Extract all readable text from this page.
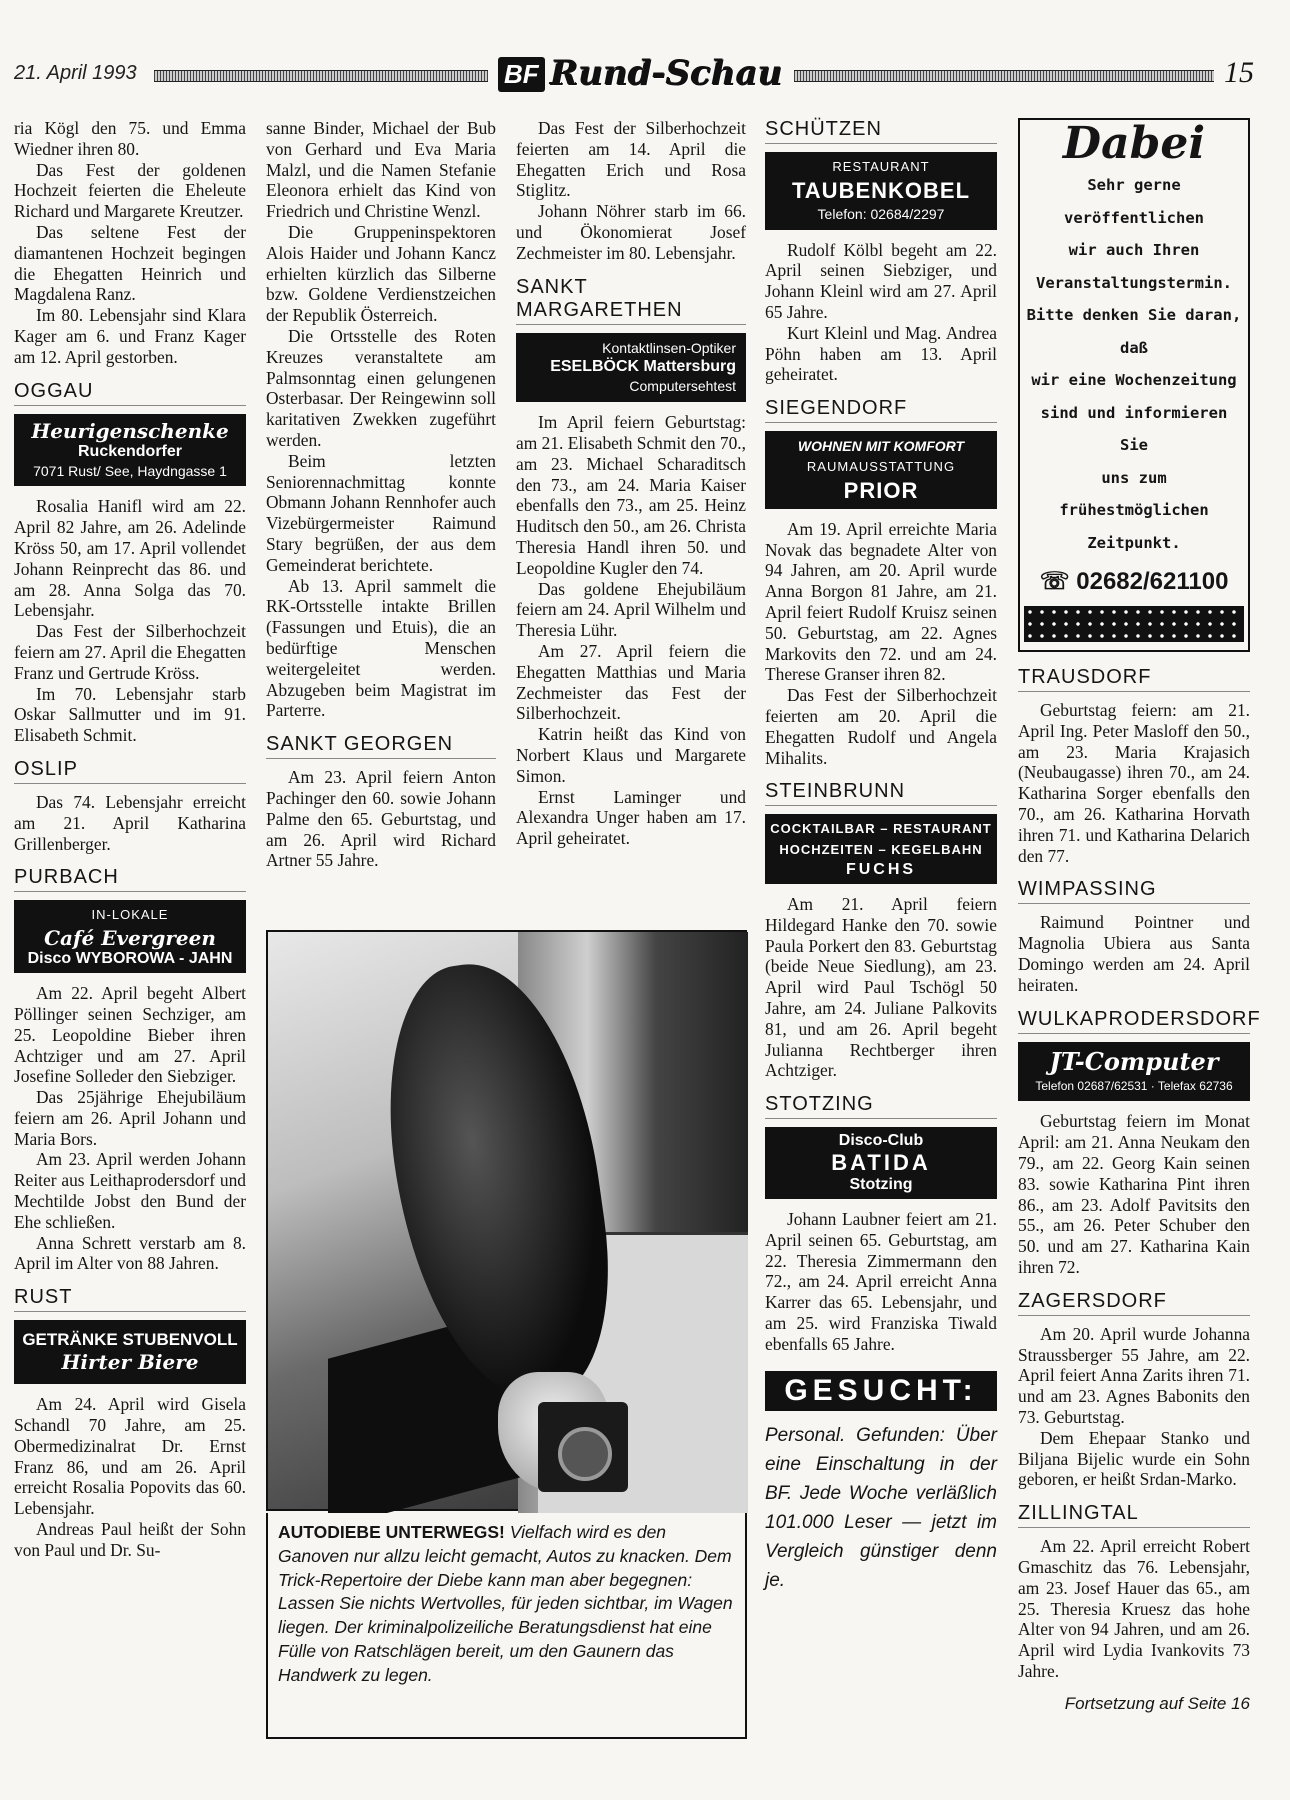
21. April 1993	BF Rund-Schau	15

ria Kögl den 75. und Emma Wiedner ihren 80.

Das Fest der goldenen Hochzeit feierten die Eheleute Richard und Margarete Kreutzer.

Das seltene Fest der diamantenen Hochzeit begingen die Ehegatten Heinrich und Magdalena Ranz.

Im 80. Lebensjahr sind Klara Kager am 6. und Franz Kager am 12. April gestorben.

OGGAU
Heurigenschenke
Ruckendorfer
7071 Rust/ See, Haydngasse 1

Rosalia Hanifl wird am 22. April 82 Jahre, am 26. Adelinde Kröss 50, am 17. April vollendet Johann Reinprecht das 86. und am 28. Anna Solga das 70. Lebensjahr.

Das Fest der Silberhochzeit feiern am 27. April die Ehegatten Franz und Gertrude Kröss.

Im 70. Lebensjahr starb Oskar Sallmutter und im 91. Elisabeth Schmit.

OSLIP

Das 74. Lebensjahr erreicht am 21. April Katharina Grillenberger.

PURBACH
IN-LOKALE
Café Evergreen
Disco WYBOROWA - JAHN

Am 22. April begeht Albert Pöllinger seinen Sechziger, am 25. Leopoldine Bieber ihren Achtziger und am 27. April Josefine Solleder den Siebziger.

Das 25jährige Ehejubiläum feiern am 26. April Johann und Maria Bors.

Am 23. April werden Johann Reiter aus Leithaprodersdorf und Mechtilde Jobst den Bund der Ehe schließen.

Anna Schrett verstarb am 8. April im Alter von 88 Jahren.

RUST
GETRÄNKE STUBENVOLL
Hirter Biere

Am 24. April wird Gisela Schandl 70 Jahre, am 25. Obermedizinalrat Dr. Ernst Franz 86, und am 26. April erreicht Rosalia Popovits das 60. Lebensjahr.

Andreas Paul heißt der Sohn von Paul und Dr. Su-

sanne Binder, Michael der Bub von Gerhard und Eva Maria Malzl, und die Namen Stefanie Eleonora erhielt das Kind von Friedrich und Christine Wenzl.

Die Gruppeninspektoren Alois Haider und Johann Kancz erhielten kürzlich das Silberne bzw. Goldene Verdienstzeichen der Republik Österreich.

Die Ortsstelle des Roten Kreuzes veranstaltete am Palmsonntag einen gelungenen Osterbasar. Der Reingewinn soll karitativen Zwekken zugeführt werden.

Beim letzten Seniorennachmittag konnte Obmann Johann Rennhofer auch Vizebürgermeister Raimund Stary begrüßen, der aus dem Gemeinderat berichtete.

Ab 13. April sammelt die RK-Ortsstelle intakte Brillen (Fassungen und Etuis), die an bedürftige Menschen weitergeleitet werden. Abzugeben beim Magistrat im Parterre.

SANKT GEORGEN

Am 23. April feiern Anton Pachinger den 60. sowie Johann Palme den 65. Geburtstag, und am 26. April wird Richard Artner 55 Jahre.

Das Fest der Silberhochzeit feierten am 14. April die Ehegatten Erich und Rosa Stiglitz.

Johann Nöhrer starb im 66. und Ökonomierat Josef Zechmeister im 80. Lebensjahr.

SANKT MARGARETHEN
Kontaktlinsen-Optiker
ESELBÖCK Mattersburg
Computersehtest

Im April feiern Geburtstag: am 21. Elisabeth Schmit den 70., am 23. Michael Scharaditsch den 73., am 24. Maria Kaiser ebenfalls den 73., am 25. Heinz Huditsch den 50., am 26. Christa Theresia Handl ihren 50. und Leopoldine Kugler den 74.

Das goldene Ehejubiläum feiern am 24. April Wilhelm und Theresia Lühr.

Am 27. April feiern die Ehegatten Matthias und Maria Zechmeister das Fest der Silberhochzeit.

Katrin heißt das Kind von Norbert Klaus und Margarete Simon.

Ernst Laminger und Alexandra Unger haben am 17. April geheiratet.

AUTODIEBE UNTERWEGS! Vielfach wird es den Ganoven nur allzu leicht gemacht, Autos zu knacken. Dem Trick-Repertoire der Diebe kann man aber begegnen: Lassen Sie nichts Wertvolles, für jeden sichtbar, im Wagen liegen. Der kriminalpolizeiliche Beratungsdienst hat eine Fülle von Ratschlägen bereit, um den Gaunern das Handwerk zu legen.
SCHÜTZEN
RESTAURANT
TAUBENKOBEL
Telefon: 02684/2297

Rudolf Kölbl begeht am 22. April seinen Siebziger, und Johann Kleinl wird am 27. April 65 Jahre.

Kurt Kleinl und Mag. Andrea Pöhn haben am 13. April geheiratet.

SIEGENDORF
WOHNEN MIT KOMFORT
RAUMAUSSTATTUNG
PRIOR

Am 19. April erreichte Maria Novak das begnadete Alter von 94 Jahren, am 20. April wurde Anna Borgon 81 Jahre, am 21. April feiert Rudolf Kruisz seinen 50. Geburtstag, am 22. Agnes Markovits den 72. und am 24. Therese Granser ihren 82.

Das Fest der Silberhochzeit feierten am 20. April die Ehegatten Rudolf und Angela Mihalits.

STEINBRUNN
COCKTAILBAR – RESTAURANT
HOCHZEITEN – KEGELBAHN
FUCHS

Am 21. April feiern Hildegard Hanke den 70. sowie Paula Porkert den 83. Geburtstag (beide Neue Siedlung), am 23. April wird Paul Tschögl 50 Jahre, am 24. Juliane Palkovits 81, und am 26. April begeht Julianna Rechtberger ihren Achtziger.

STOTZING
Disco-Club
BATIDA
Stotzing

Johann Laubner feiert am 21. April seinen 65. Geburtstag, am 22. Theresia Zimmermann den 72., am 24. April erreicht Anna Karrer das 65. Lebensjahr, und am 25. wird Franziska Tiwald ebenfalls 65 Jahre.

GESUCHT:
Personal. Gefunden: Über eine Einschaltung in der BF. Jede Woche verläßlich 101.000 Leser — jetzt im Vergleich günstiger denn je.
Dabei
Sehr gerne veröffentlichen
wir auch Ihren
Veranstaltungstermin.
Bitte denken Sie daran, daß
wir eine Wochenzeitung
sind und informieren Sie
uns zum frühestmöglichen
Zeitpunkt.
☏ 02682/621100
TRAUSDORF

Geburtstag feiern: am 21. April Ing. Peter Masloff den 50., am 23. Maria Krajasich (Neubaugasse) ihren 70., am 24. Katharina Sorger ebenfalls den 70., am 26. Katharina Horvath ihren 71. und Katharina Delarich den 77.

WIMPASSING

Raimund Pointner und Magnolia Ubiera aus Santa Domingo werden am 24. April heiraten.

WULKAPRODERSDORF
JT-Computer
Telefon 02687/62531 · Telefax 62736

Geburtstag feiern im Monat April: am 21. Anna Neukam den 79., am 22. Georg Kain seinen 83. sowie Katharina Pint ihren 86., am 23. Adolf Pavitsits den 55., am 26. Peter Schuber den 50. und am 27. Katharina Kain ihren 72.

ZAGERSDORF

Am 20. April wurde Johanna Straussberger 55 Jahre, am 22. April feiert Anna Zarits ihren 71. und am 23. Agnes Babonits den 73. Geburtstag.

Dem Ehepaar Stanko und Biljana Bijelic wurde ein Sohn geboren, er heißt Srdan-Marko.

ZILLINGTAL

Am 22. April erreicht Robert Gmaschitz das 76. Lebensjahr, am 23. Josef Hauer das 65., am 25. Theresia Kruesz das hohe Alter von 94 Jahren, und am 26. April wird Lydia Ivankovits 73 Jahre.

Fortsetzung auf Seite 16
